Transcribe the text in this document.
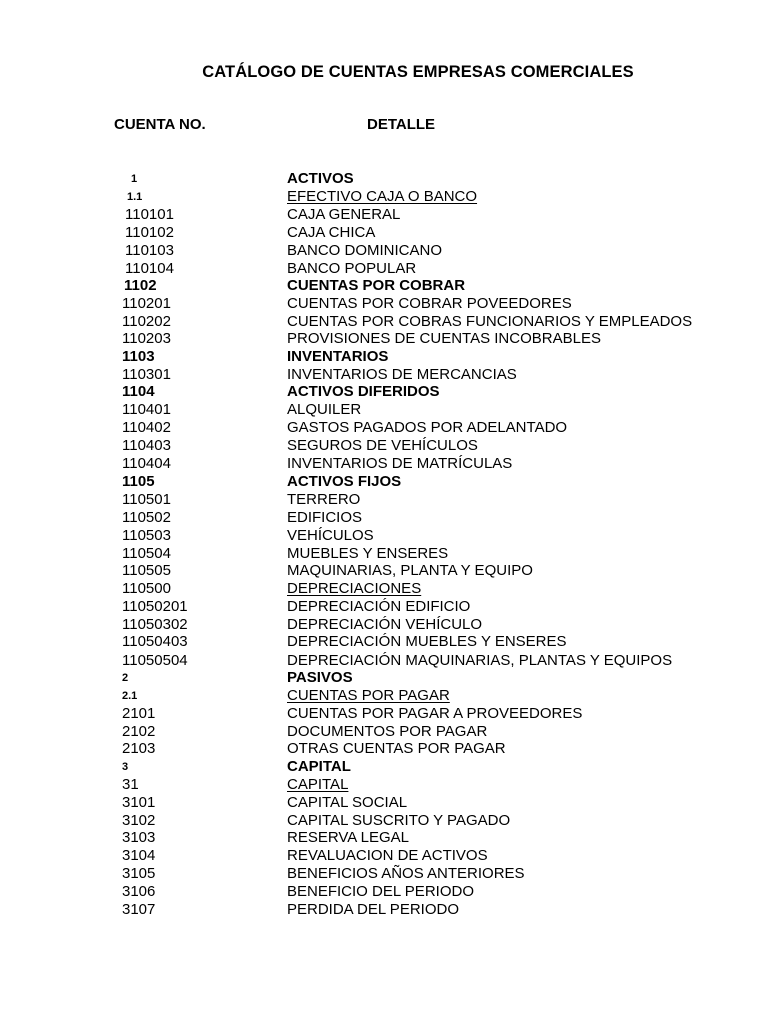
CATÁLOGO DE CUENTAS EMPRESAS COMERCIALES
CUENTA NO.	DETALLE
1	ACTIVOS
1.1	EFECTIVO CAJA O BANCO
110101	CAJA GENERAL
110102	CAJA CHICA
110103	BANCO DOMINICANO
110104	BANCO POPULAR
1102	CUENTAS POR COBRAR
110201	CUENTAS POR COBRAR POVEEDORES
110202	CUENTAS POR COBRAS FUNCIONARIOS Y EMPLEADOS
110203	PROVISIONES DE CUENTAS INCOBRABLES
1103	INVENTARIOS
110301	INVENTARIOS DE MERCANCIAS
1104	ACTIVOS DIFERIDOS
110401	ALQUILER
110402	GASTOS PAGADOS POR ADELANTADO
110403	SEGUROS DE VEHÍCULOS
110404	INVENTARIOS DE MATRÍCULAS
1105	ACTIVOS FIJOS
110501	TERRERO
110502	EDIFICIOS
110503	VEHÍCULOS
110504	MUEBLES Y ENSERES
110505	MAQUINARIAS, PLANTA Y EQUIPO
110500	DEPRECIACIONES
11050201	DEPRECIACIÓN EDIFICIO
11050302	DEPRECIACIÓN VEHÍCULO
11050403	DEPRECIACIÓN MUEBLES Y ENSERES
11050504	DEPRECIACIÓN MAQUINARIAS, PLANTAS Y EQUIPOS
2	PASIVOS
2.1	CUENTAS POR PAGAR
2101	CUENTAS POR PAGAR A PROVEEDORES
2102	DOCUMENTOS POR PAGAR
2103	OTRAS CUENTAS POR PAGAR
3	CAPITAL
31	CAPITAL
3101	CAPITAL SOCIAL
3102	CAPITAL SUSCRITO Y PAGADO
3103	RESERVA LEGAL
3104	REVALUACION DE ACTIVOS
3105	BENEFICIOS AÑOS ANTERIORES
3106	BENEFICIO DEL PERIODO
3107	PERDIDA DEL PERIODO
